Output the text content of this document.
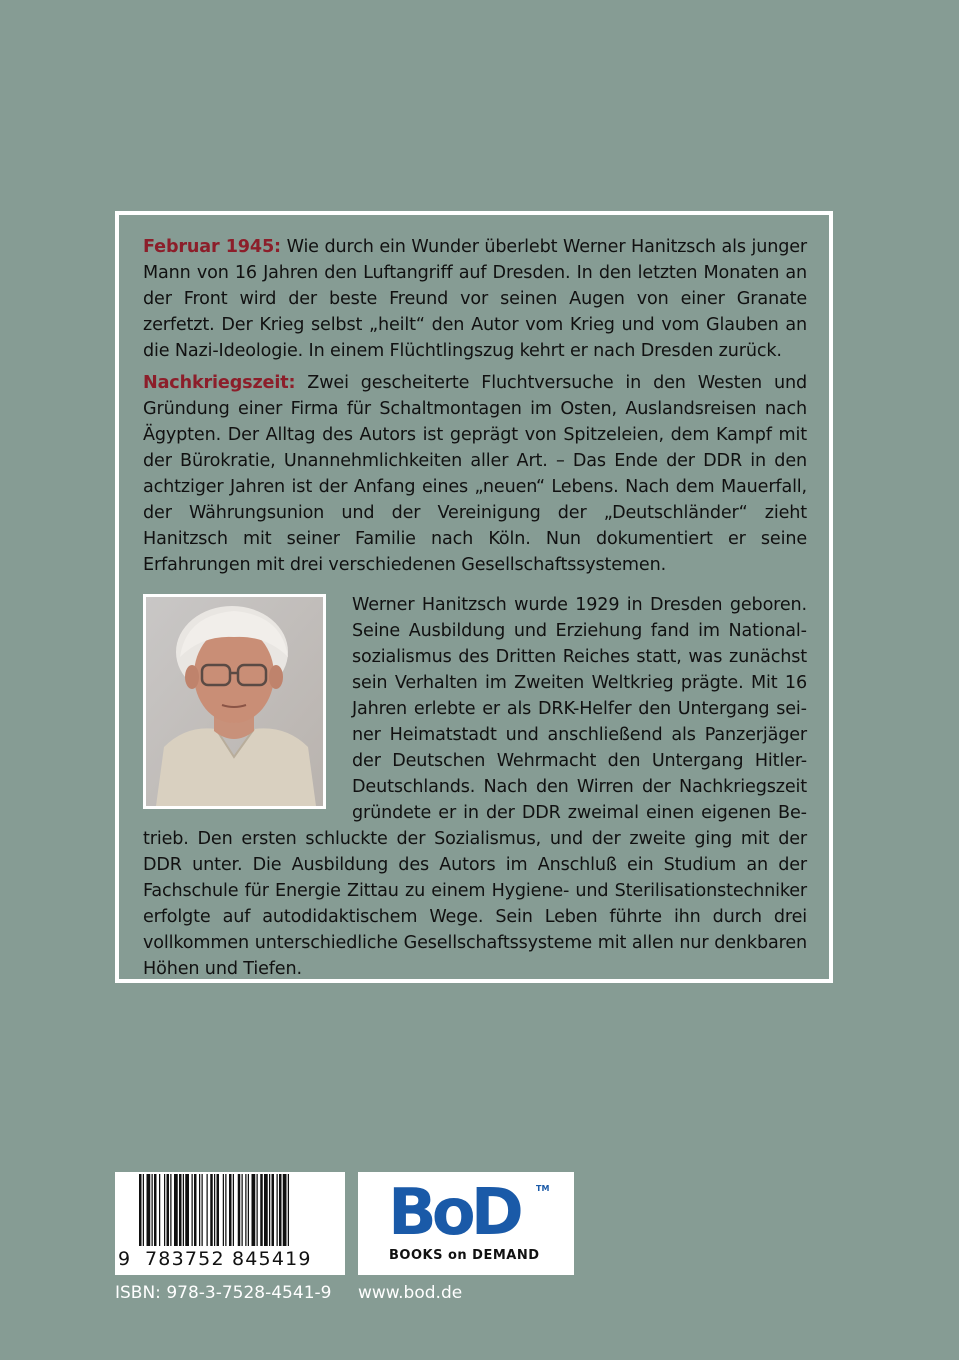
Februar 1945: Wie durch ein Wunder überlebt Werner Hanitzsch als junger Mann von 16 Jahren den Luftangriff auf Dresden. In den letzten Monaten an der Front wird der beste Freund vor seinen Augen von einer Granate zerfetzt. Der Krieg selbst „heilt“ den Autor vom Krieg und vom Glauben an die Nazi-Ideologie. In einem Flüchtlingszug kehrt er nach Dresden zurück.

Nachkriegszeit: Zwei gescheiterte Fluchtversuche in den Westen und Gründung einer Firma für Schaltmontagen im Osten, Auslandsreisen nach Ägypten. Der Alltag des Autors ist geprägt von Spitzeleien, dem Kampf mit der Bürokratie, Unannehmlichkeiten aller Art. – Das Ende der DDR in den achtziger Jahren ist der Anfang eines „neuen“ Lebens. Nach dem Mauerfall, der Währungsunion und der Vereinigung der „Deutschländer“ zieht Hanitzsch mit seiner Familie nach Köln. Nun dokumentiert er seine Erfahrungen mit drei verschiedenen Gesellschaftssystemen.

Werner Hanitzsch wurde 1929 in Dresden geboren. Seine Ausbildung und Erziehung fand im Nationalsozialismus des Dritten Reiches statt, was zunächst sein Verhalten im Zweiten Weltkrieg prägte. Mit 16 Jahren erlebte er als DRK-Helfer den Untergang seiner Heimatstadt und anschließend als Panzerjäger der Deutschen Wehrmacht den Untergang Hitler-Deutschlands. Nach den Wirren der Nachkriegszeit gründete er in der DDR zweimal einen eigenen Betrieb. Den ersten schluckte der Sozialismus, und der zweite ging mit der DDR unter. Die Ausbildung des Autors im Anschluß ein Studium an der Fachschule für Energie Zittau zu einem Hygiene- und Sterilisationstechniker erfolgte auf autodidaktischem Wege. Sein Leben führte ihn durch drei vollkommen unterschiedliche Gesellschaftssysteme mit allen nur denkbaren Höhen und Tiefen.

9 783752 845419
BoD TM
BOOKS on DEMAND
ISBN: 978-3-7528-4541-9 www.bod.de
